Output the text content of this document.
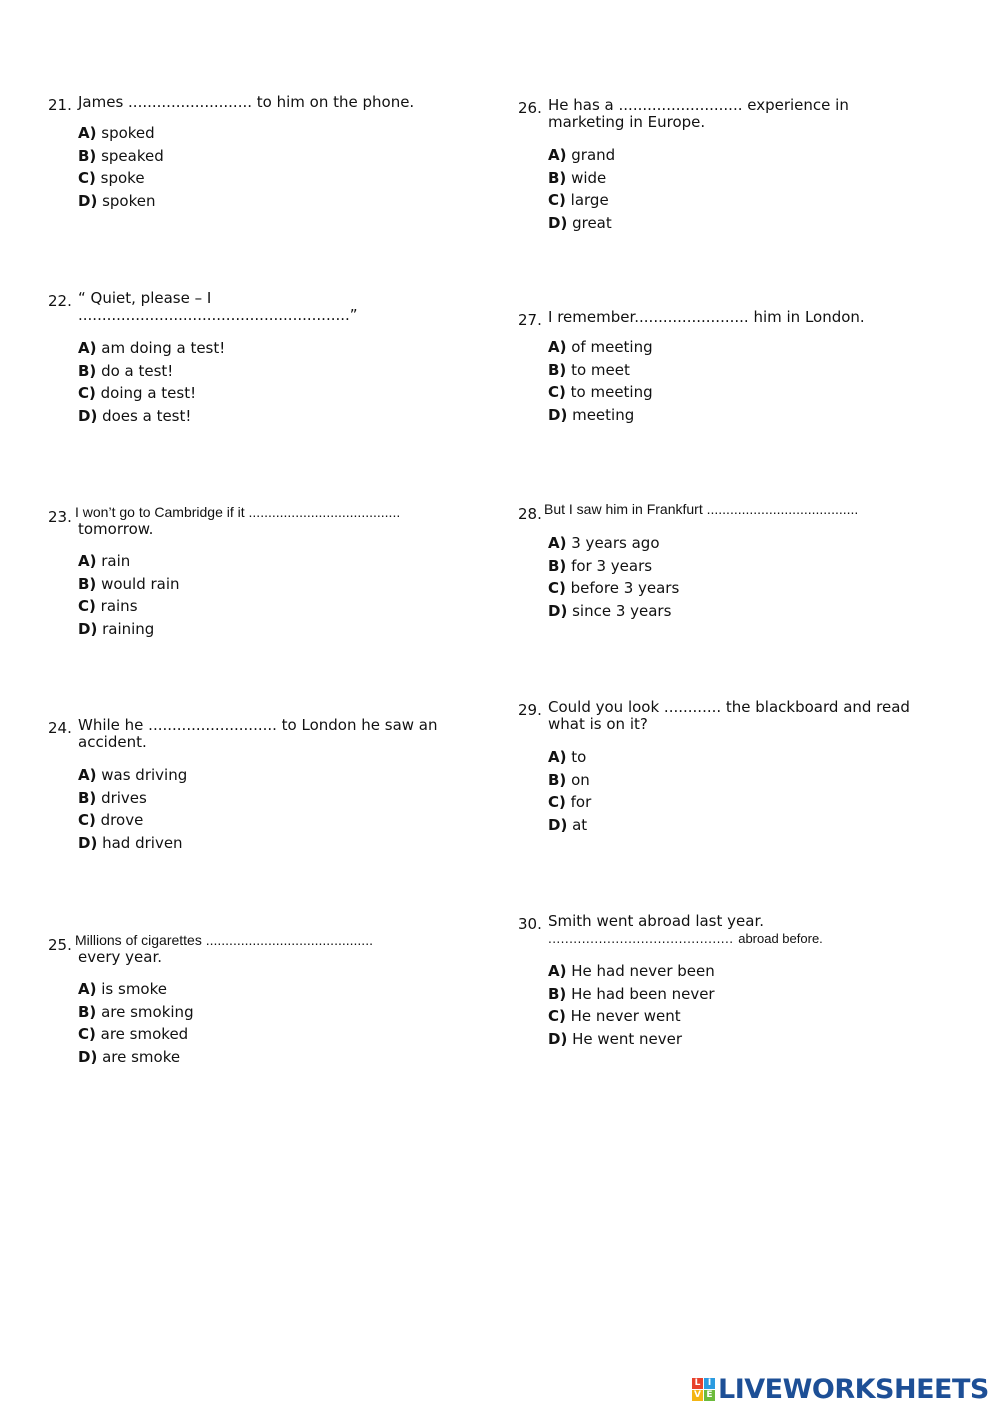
21. James .......................... to him on the phone.
A) spoked
B) speaked
C) spoke
D) spoken
22. “ Quiet, please – I
.........................................................”
A) am doing a test!
B) do a test!
C) doing a test!
D) does a test!
23. I won’t go to Cambridge if it .......................................
tomorrow.
A) rain
B) would rain
C) rains
D) raining
24. While he ........................... to London he saw an
accident.
A) was driving
B) drives
C) drove
D) had driven
25. Millions of cigarettes ...........................................
every year.
A) is smoke
B) are smoking
C) are smoked
D) are smoke
26. He has a .......................... experience in
marketing in Europe.
A) grand
B) wide
C) large
D) great
27. I remember........................ him in London.
A) of meeting
B) to meet
C) to meeting
D) meeting
28. But I saw him in Frankfurt .......................................
A) 3 years ago
B) for 3 years
C) before 3 years
D) since 3 years
29. Could you look ............ the blackboard and read
what is on it?
A) to
B) on
C) for
D) at
30. Smith went abroad last year.
............................................ abroad before.
A) He had never been
B) He had been never
C) He never went
D) He went never
L I
V E LIVEWORKSHEETS
